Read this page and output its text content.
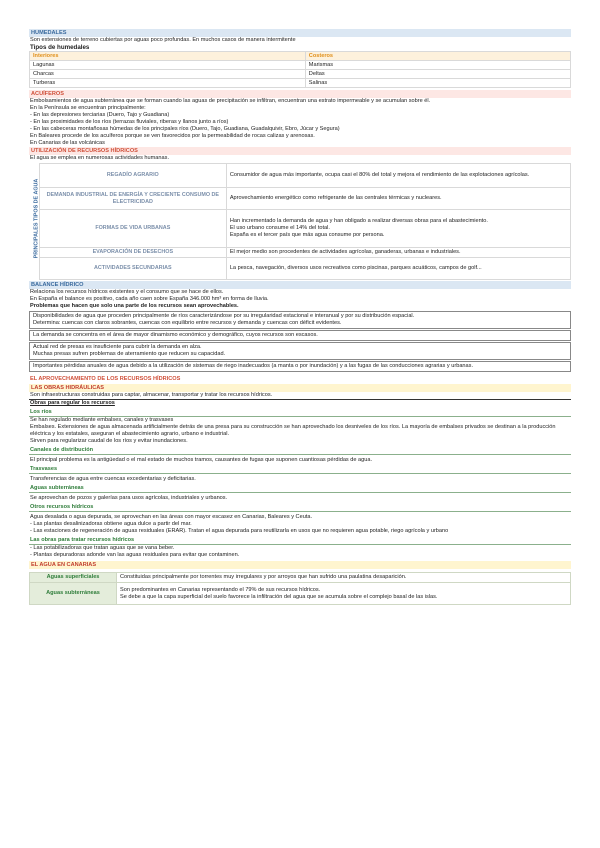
HUMEDALES

Son extensiones de terreno cubiertas por aguas poco profundas. En muchos casos de manera intermitente

Tipos de humedales

Interiores	Costeros
Lagunas	Marismas
Charcas	Deltas
Turberas	Salinas
ACUÍFEROS

Embolsamientos de agua subterránea que se forman cuando las aguas de precipitación se infiltran, encuentran una estrato impermeable y se acumulan sobre él.

En la Península se encuentran principalmente:

- En las depresiones terciarias (Duero, Tajo y Guadiana)

- En las proximidades de los ríos (terrazas fluviales, riberas y llanos junto a ríos)

- En las cabeceras montañosas húmedas de los principales ríos (Duero, Tajo, Guadiana, Guadalquivir, Ebro, Júcar y Segura)

En Baleares procede de los acuíferos porque se ven favorecidos por la permeabilidad de rocas calizas y arenosas.

En Canarias de las volcánicas

UTILIZACIÓN DE RECURSOS HÍDRICOS

El agua se emplea en numerosas actividades humanas.

PRINCIPALES TIPOS DE AGUA
REGADÍO AGRARIO	Consumidor de agua más importante, ocupa casi el 80% del total y mejora el rendimiento de las explotaciones agrícolas.

DEMANDA INDUSTRIAL DE ENERGÍA Y CRECIENTE CONSUMO DE ELECTRICIDAD	Aprovechamiento energético como refrigerante de las centrales térmicas y nucleares.

FORMAS DE VIDA URBANAS	Han incrementado la demanda de agua y han obligado a realizar diversas obras para el abastecimiento.
El uso urbano consume el 14% del total.
España es el tercer país que más agua consume por persona.

EVAPORACIÓN DE DESECHOS	El mejor medio son procedentes de actividades agrícolas, ganaderas, urbanas e industriales.

ACTIVIDADES SECUNDARIAS	La pesca, navegación, diversos usos recreativos como piscinas, parques acuáticos, campos de golf...
BALANCE HÍDRICO

Relaciona los recursos hídricos existentes y el consumo que se hace de ellos.

En España el balance es positivo, cada año caen sobre España 346.000 hm³ en forma de lluvia.

Problemas que hacen que solo una parte de los recursos sean aprovechables.

Disponibilidades de agua que proceden principalmente de ríos caracterizándose por su irregularidad estacional e interanual y por su distribución espacial.
Determina: cuencas con claros sobrantes, cuencas con equilibrio entre recursos y demanda y cuencas con déficit evidentes.
La demanda se concentra en el área de mayor dinamismo económico y demográfico, cuyos recursos son escasos.
Actual red de presas es insuficiente para cubrir la demanda en alza.
Muchas presas sufren problemas de aterramiento que reducen su capacidad.
Importantes pérdidas anuales de agua debido a la utilización de sistemas de riego inadecuados (a manta o por inundación) y a las fugas de las conducciones agrarias y urbanas.
EL APROVECHAMIENTO DE LOS RECURSOS HÍDRICOS
LAS OBRAS HIDRÁULICAS

Son infraestructuras construidas para captar, almacenar, transportar y tratar los recursos hídricos.

Obras para regular los recursos

Los ríos

Se han regulado mediante embalses, canales y trasvases

Embalses. Extensiones de agua almacenada artificialmente detrás de una presa para su construcción se han aprovechado los desniveles de los ríos. La mayoría de embalses privados se destinan a la producción eléctrica y los estatales, aseguran el abastecimiento agrario, urbano e industrial.

Sirven para regularizar caudal de los ríos y evitar inundaciones.

Canales de distribución

El principal problema es la antigüedad o el mal estado de muchos tramos, causantes de fugas que suponen cuantiosas pérdidas de agua.

Trasvases

Transferencias de agua entre cuencas excedentarias y deficitarias.

Aguas subterráneas

Se aprovechan de pozos y galerías para usos agrícolas, industriales y urbanos.

Otros recursos hídricos

Agua desalada o agua depurada, se aprovechan en las áreas con mayor escasez en Canarias, Baleares y Ceuta.

- Las plantas desalinizadoras obtiene agua dulce a partir del mar.

- Las estaciones de regeneración de aguas residuales (ERAR). Tratan el agua depurada para reutilizarla en usos que no requieren agua potable, riego agrícola y urbano

Las obras para tratar recursos hídricos

- Las potabilizadoras que tratan aguas que se vana beber.

- Plantas depuradoras adonde van las aguas residuales para evitar que contaminen.

EL AGUA EN CANARIAS
Aguas superficiales	Constituidas principalmente por torrentes muy irregulares y por arroyos que han sufrido una paulatina desaparición.

Aguas subterráneas	Son predominantes en Canarias representando el 79% de sus recursos hídricos.
Se debe a que la capa superficial del suelo favorece la infiltración del agua que se acumula sobre el complejo basal de las islas.
